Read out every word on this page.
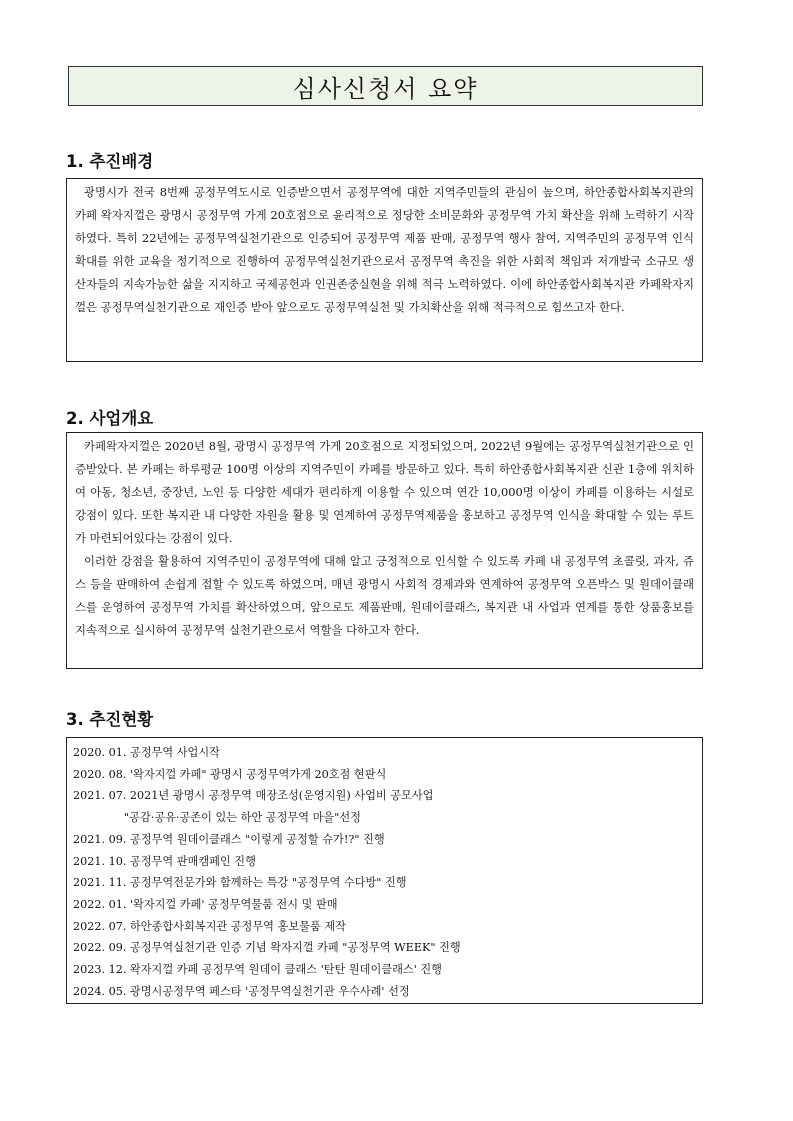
심사신청서 요약
1. 추진배경

광명시가 전국 8번째 공정무역도시로 인증받으면서 공정무역에 대한 지역주민들의 관심이 높으며, 하안종합사회복지관의 카페 왁자지껄은 광명시 공정무역 가게 20호점으로 윤리적으로 정당한 소비문화와 공정무역 가치 확산을 위해 노력하기 시작하였다. 특히 22년에는 공정무역실천기관으로 인증되어 공정무역 제품 판매, 공정무역 행사 참여, 지역주민의 공정무역 인식확대를 위한 교육을 정기적으로 진행하여 공정무역실천기관으로서 공정무역 촉진을 위한 사회적 책임과 저개발국 소규모 생산자들의 지속가능한 삶을 지지하고 국제공헌과 인권존중실현을 위해 적극 노력하였다. 이에 하안종합사회복지관 카페왁자지껄은 공정무역실천기관으로 재인증 받아 앞으로도 공정무역실천 및 가치확산을 위해 적극적으로 힘쓰고자 한다.

2. 사업개요

카페왁자지껄은 2020년 8월, 광명시 공정무역 가게 20호점으로 지정되었으며, 2022년 9월에는 공정무역실천기관으로 인증받았다. 본 카페는 하루평균 100명 이상의 지역주민이 카페를 방문하고 있다. 특히 하안종합사회복지관 신관 1층에 위치하여 아동, 청소년, 중장년, 노인 등 다양한 세대가 편리하게 이용할 수 있으며 연간 10,000명 이상이 카페를 이용하는 시설로 강점이 있다. 또한 복지관 내 다양한 자원을 활용 및 연계하여 공정무역제품을 홍보하고 공정무역 인식을 확대할 수 있는 루트가 마련되어있다는 강점이 있다.

이러한 강점을 활용하여 지역주민이 공정무역에 대해 알고 긍정적으로 인식할 수 있도록 카페 내 공정무역 초콜릿, 과자, 쥬스 등을 판매하여 손쉽게 접할 수 있도록 하였으며, 매년 광명시 사회적 경제과와 연계하여 공정무역 오픈박스 및 원데이클래스를 운영하여 공정무역 가치를 확산하였으며, 앞으로도 제품판매, 원데이클래스, 복지관 내 사업과 연계를 통한 상품홍보를 지속적으로 실시하여 공정무역 실천기관으로서 역할을 다하고자 한다.

3. 추진현황
2020. 01. 공정무역 사업시작
2020. 08. '왁자지껄 카페" 광명시 공정무역가게 20호점 현판식
2021. 07. 2021년 광명시 공정무역 매장조성(운영지원) 사업비 공모사업
"공감·공유·공존이 있는 하안 공정무역 마을"선정
2021. 09. 공정무역 원데이클래스 "이렇게 공정할 슈가!?" 진행
2021. 10. 공정무역 판매캠페인 진행
2021. 11. 공정무역전문가와 함께하는 특강 "공정무역 수다방" 진행
2022. 01. '왁자지껄 카페' 공정무역물품 전시 및 판매
2022. 07. 하안종합사회복지관 공정무역 홍보물품 제작
2022. 09. 공정무역실천기관 인증 기념 왁자지껄 카페 "공정무역 WEEK" 진행
2023. 12. 왁자지껄 카페 공정무역 원데이 클래스 '탄탄 원데이클래스' 진행
2024. 05. 광명시공정무역 페스타 '공정무역실천기관 우수사례' 선정
